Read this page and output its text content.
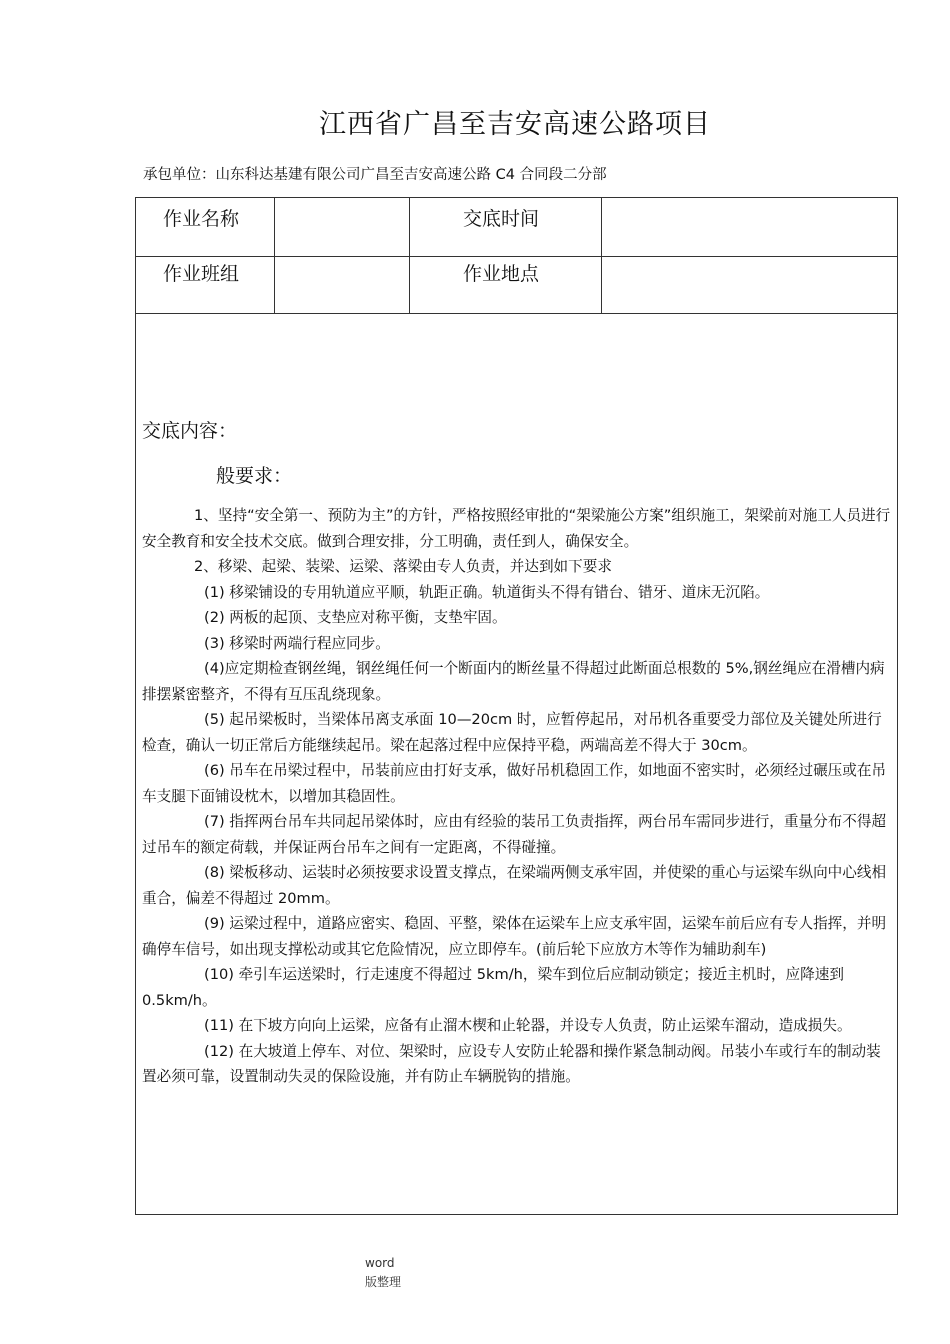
江西省广昌至吉安高速公路项目
承包单位：山东科达基建有限公司广昌至吉安高速公路 C4 合同段二分部
作业名称	交底时间
作业班组	作业地点
交底内容：
般要求：

1、坚持“安全第一、预防为主”的方针，严格按照经审批的“架梁施公方案”组织施工，架梁前对施工人员进行安全教育和安全技术交底。做到合理安排，分工明确，责任到人，确保安全。

2、移梁、起梁、装梁、运梁、落梁由专人负责，并达到如下要求

(1) 移梁铺设的专用轨道应平顺，轨距正确。轨道街头不得有错台、错牙、道床无沉陷。

(2) 两板的起顶、支垫应对称平衡，支垫牢固。

(3) 移梁时两端行程应同步。

(4)应定期检查钢丝绳，钢丝绳任何一个断面内的断丝量不得超过此断面总根数的 5%,钢丝绳应在滑槽内病排摆紧密整齐，不得有互压乱绕现象。

(5) 起吊梁板时，当梁体吊离支承面 10—20cm 时，应暂停起吊，对吊机各重要受力部位及关键处所进行检查，确认一切正常后方能继续起吊。梁在起落过程中应保持平稳，两端高差不得大于 30cm。

(6) 吊车在吊梁过程中，吊装前应由打好支承，做好吊机稳固工作，如地面不密实时，必须经过碾压或在吊车支腿下面铺设枕木，以增加其稳固性。

(7) 指挥两台吊车共同起吊梁体时，应由有经验的装吊工负责指挥，两台吊车需同步进行，重量分布不得超过吊车的额定荷载，并保证两台吊车之间有一定距离，不得碰撞。

(8) 梁板移动、运装时必须按要求设置支撑点，在梁端两侧支承牢固，并使梁的重心与运梁车纵向中心线相重合，偏差不得超过 20mm。

(9) 运梁过程中，道路应密实、稳固、平整，梁体在运梁车上应支承牢固，运梁车前后应有专人指挥，并明确停车信号，如出现支撑松动或其它危险情况，应立即停车。(前后轮下应放方木等作为辅助刹车)

(10) 牵引车运送梁时，行走速度不得超过 5km/h，梁车到位后应制动锁定；接近主机时，应降速到 0.5km/h。

(11) 在下坡方向向上运梁，应备有止溜木楔和止轮器，并设专人负责，防止运梁车溜动，造成损失。

(12) 在大坡道上停车、对位、架梁时，应设专人安防止轮器和操作紧急制动阀。吊装小车或行车的制动装置必须可靠，设置制动失灵的保险设施，并有防止车辆脱钩的措施。

word
版整理
